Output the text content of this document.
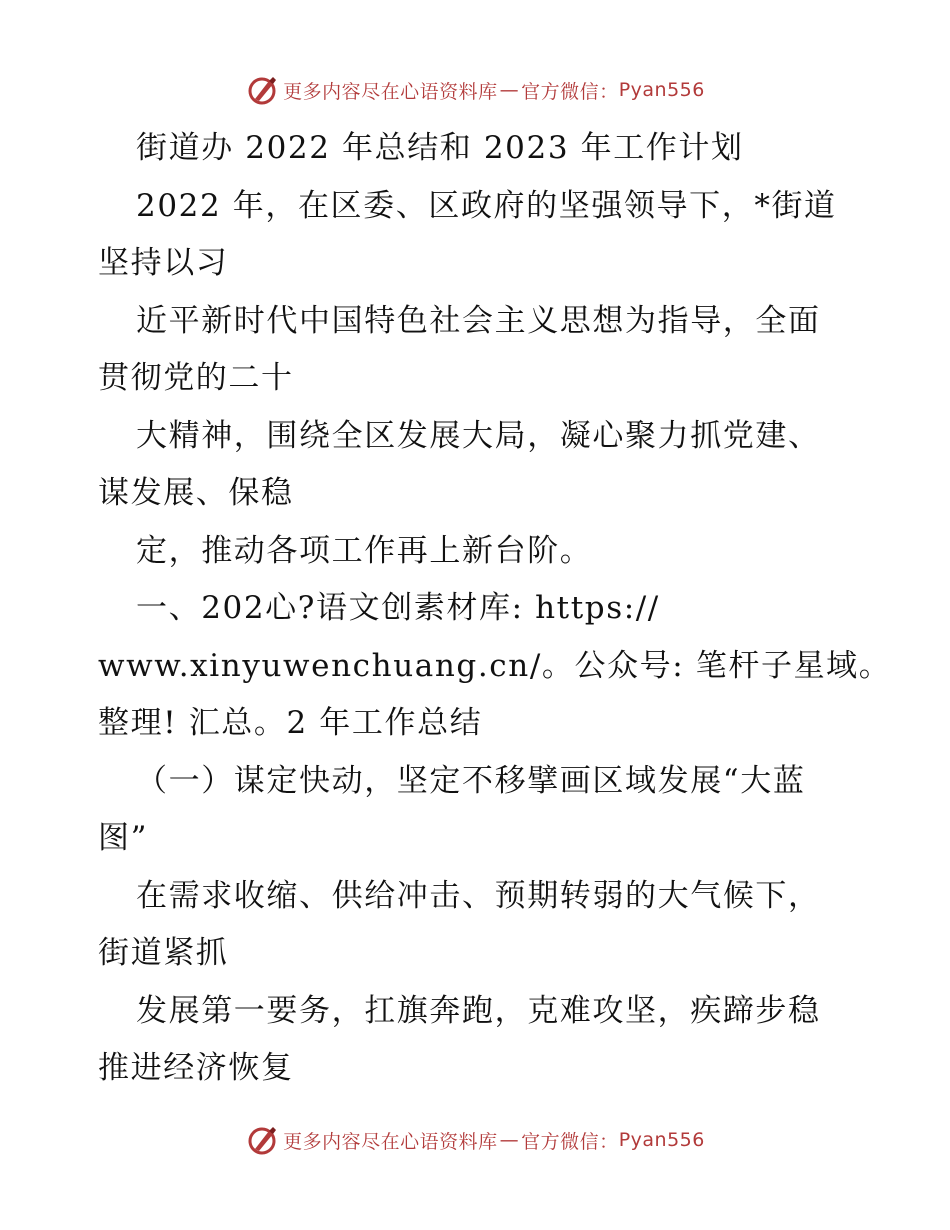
更多内容尽在心语资料库 — 官方微信： Pyan556
街道办 2022 年总结和 2023 年工作计划
2022 年，在区委、区政府的坚强领导下，*街道
坚持以习
近平新时代中国特色社会主义思想为指导，全面
贯彻党的二十
大精神，围绕全区发展大局，凝心聚力抓党建、
谋发展、保稳
定，推动各项工作再上新台阶。
一、202心?语文创素材库: https://
www.xinyuwenchuang.cn/。公众号: 笔杆子星域。
整理! 汇总。2 年工作总结
（一）谋定快动，坚定不移擘画区域发展“大蓝
图”
在需求收缩、供给冲击、预期转弱的大气候下，
街道紧抓
发展第一要务，扛旗奔跑，克难攻坚，疾蹄步稳
推进经济恢复
更多内容尽在心语资料库 — 官方微信： Pyan556
